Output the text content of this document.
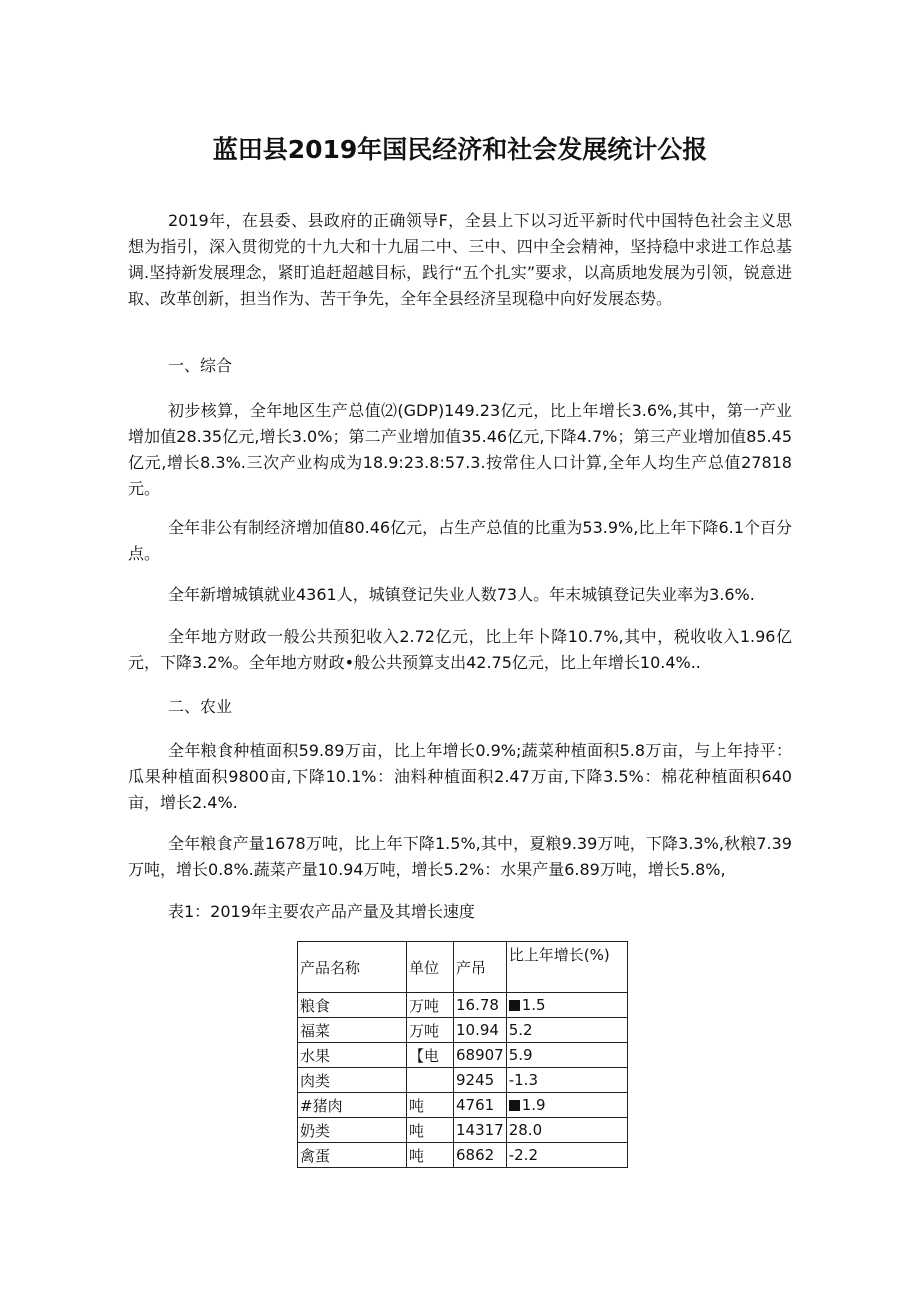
蓝田县2019年国民经济和社会发展统计公报

2019年，在县委、县政府的正确领导F，全县上下以习近平新时代中国特色社会主义思想为指引，深入贯彻党的十九大和十九届二中、三中、四中全会精神，坚持稳中求进工作总基调.坚持新发展理念，紧盯追赶超越目标，践行“五个扎实”要求，以高质地发展为引领，锐意进取、改革创新，担当作为、苦干争先，全年全县经济呈现稳中向好发展态势。

一、综合

初步核算，全年地区生产总值⑵(GDP)149.23亿元，比上年增长3.6%,其中，第一产业增加值28.35亿元,增长3.0%；第二产业增加值35.46亿元,下降4.7%；第三产业增加值85.45亿元,增长8.3%.三次产业构成为18.9:23.8:57.3.按常住人口计算,全年人均生产总值27818元。

全年非公有制经济增加值80.46亿元，占生产总值的比重为53.9%,比上年下降6.1个百分点。

全年新增城镇就业4361人，城镇登记失业人数73人。年末城镇登记失业率为3.6%.

全年地方财政一般公共预犯收入2.72亿元，比上年卜降10.7%,其中，税收收入1.96亿元，下降3.2%。全年地方财政•般公共预算支出42.75亿元，比上年增长10.4%..

二、农业

全年粮食种植面积59.89万亩，比上年增长0.9%;蔬菜种植面积5.8万亩，与上年持平：瓜果种植面积9800亩,下降10.1%：油料种植面积2.47万亩,下降3.5%：棉花种植面积640亩，增长2.4%.

全年粮食产量1678万吨，比上年下降1.5%,其中，夏粮9.39万吨，下降3.3%,秋粮7.39万吨，增长0.8%.蔬菜产量10.94万吨，增长5.2%：水果产量6.89万吨，增长5.8%,

表1：2019年主要农产品产量及其增长速度

产品名称	单位	产吊	比上年增长(%)
粮食	万吨	16.78	1.5
福菜	万吨	10.94	5.2
水果	【电	68907	5.9
肉类		9245	-1.3
#猪肉	吨	4761	1.9
奶类	吨	14317	28.0
禽蛋	吨	6862	-2.2
